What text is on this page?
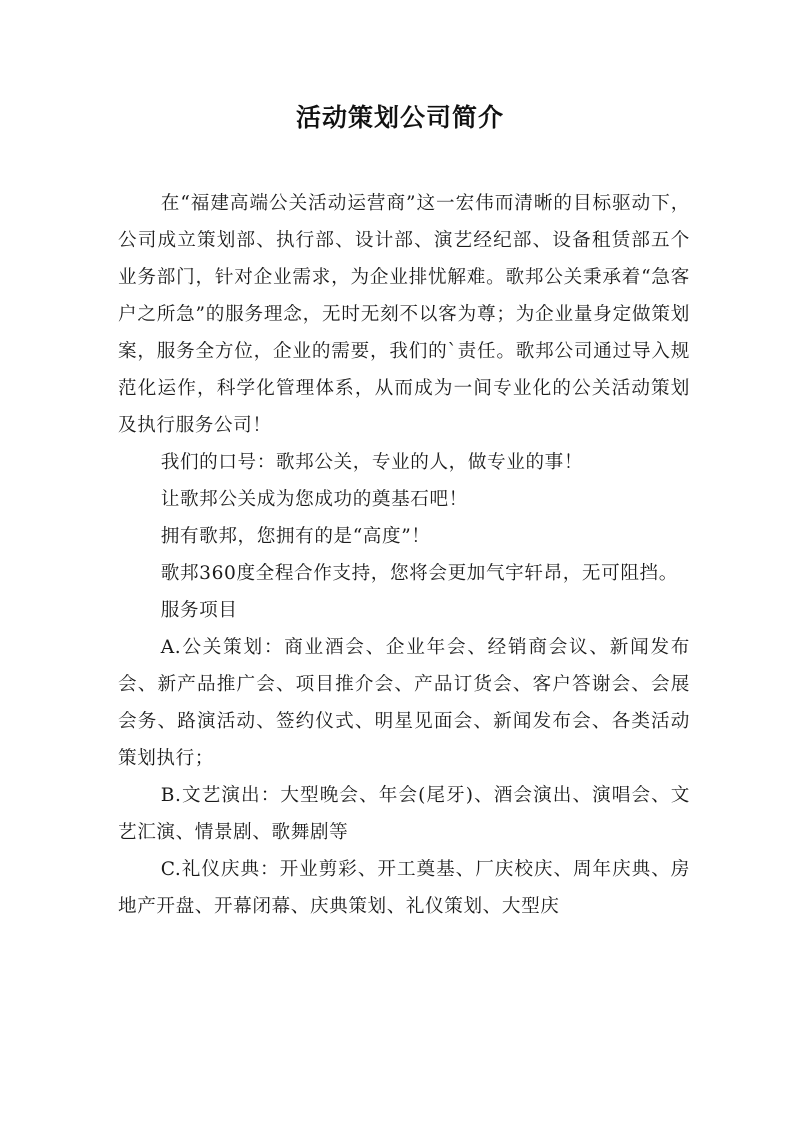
活动策划公司简介

在“福建高端公关活动运营商”这一宏伟而清晰的目标驱动下，公司成立策划部、执行部、设计部、演艺经纪部、设备租赁部五个业务部门，针对企业需求，为企业排忧解难。歌邦公关秉承着“急客户之所急”的服务理念，无时无刻不以客为尊；为企业量身定做策划案，服务全方位，企业的需要，我们的`责任。歌邦公司通过导入规范化运作，科学化管理体系，从而成为一间专业化的公关活动策划及执行服务公司！

我们的口号：歌邦公关，专业的人，做专业的事！

让歌邦公关成为您成功的奠基石吧！

拥有歌邦，您拥有的是“高度”！

歌邦360度全程合作支持，您将会更加气宇轩昂，无可阻挡。

服务项目

A.公关策划：商业酒会、企业年会、经销商会议、新闻发布会、新产品推广会、项目推介会、产品订货会、客户答谢会、会展会务、路演活动、签约仪式、明星见面会、新闻发布会、各类活动策划执行；

B.文艺演出：大型晚会、年会(尾牙)、酒会演出、演唱会、文艺汇演、情景剧、歌舞剧等

C.礼仪庆典：开业剪彩、开工奠基、厂庆校庆、周年庆典、房地产开盘、开幕闭幕、庆典策划、礼仪策划、大型庆
